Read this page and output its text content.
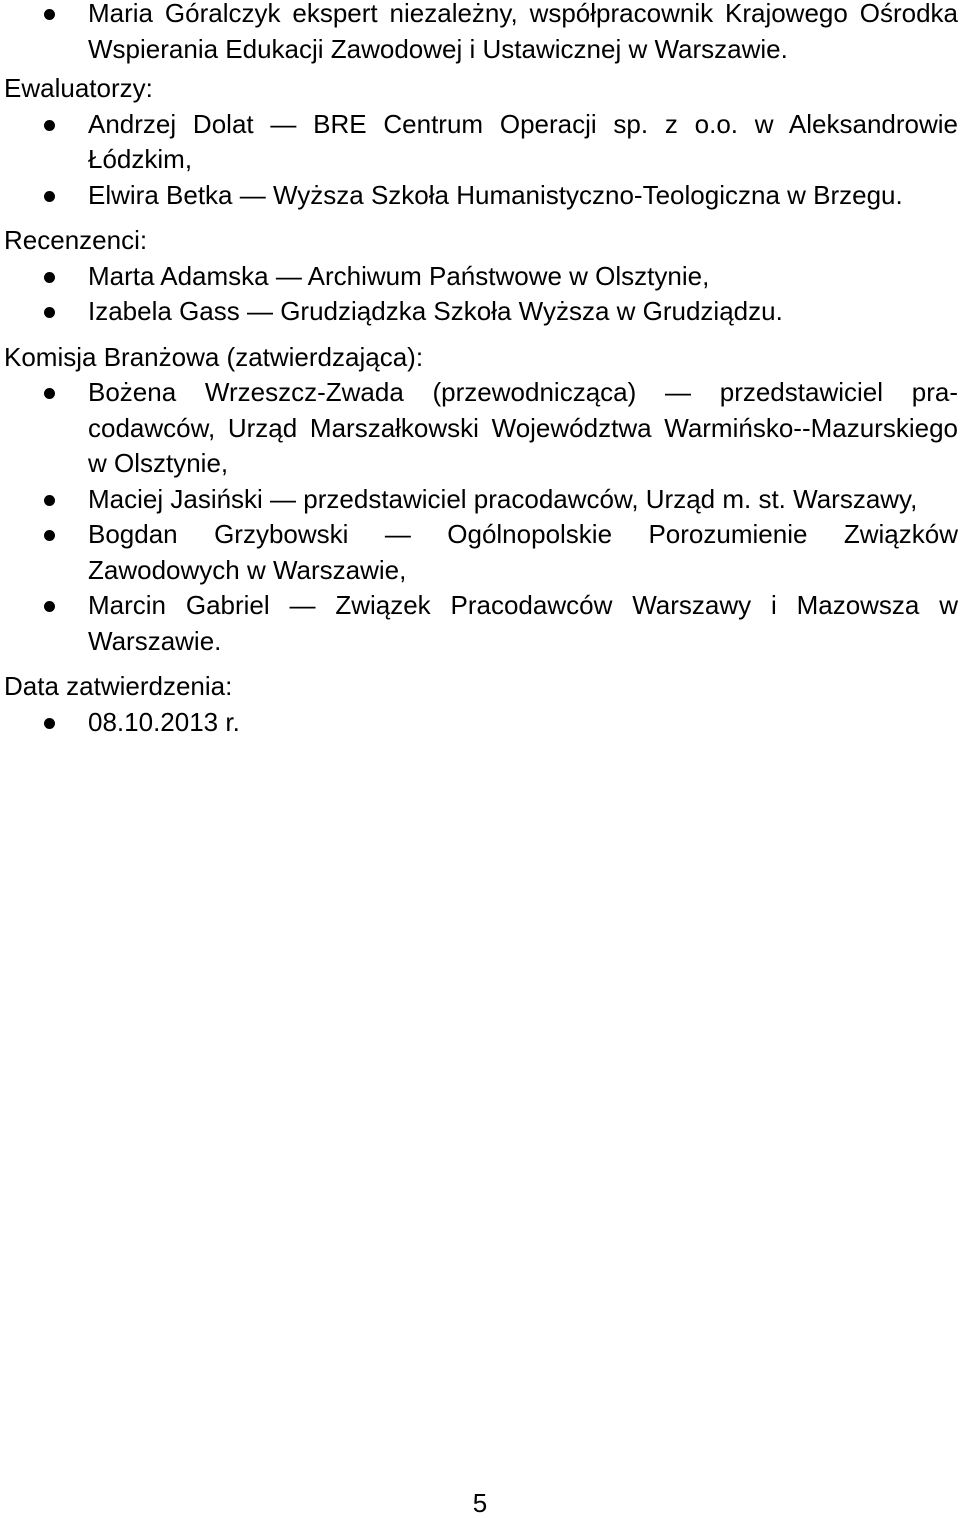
Maria Góralczyk ekspert niezależny, współpracownik Krajowego Ośrodka Wspierania Edukacji Zawodowej i Ustawicznej w Warszawie.

Ewaluatorzy:

Andrzej Dolat — BRE Centrum Operacji sp. z o.o. w Aleksandrowie Łódzkim,
Elwira Betka — Wyższa Szkoła Humanistyczno-Teologiczna w Brzegu.

Recenzenci:

Marta Adamska — Archiwum Państwowe w Olsztynie,
Izabela Gass — Grudziądzka Szkoła Wyższa w Grudziądzu.

Komisja Branżowa (zatwierdzająca):

Bożena Wrzeszcz-Zwada (przewodnicząca) — przedstawiciel pracodawców, Urząd Marszałkowski Województwa Warmińsko-​-Mazurskiego w Olsztynie,
Maciej Jasiński — przedstawiciel pracodawców, Urząd m. st. Warszawy,
Bogdan Grzybowski — Ogólnopolskie Porozumienie Związków Zawodowych w Warszawie,
Marcin Gabriel — Związek Pracodawców Warszawy i Mazowsza w Warszawie.

Data zatwierdzenia:

08.10.2013 r.
5
